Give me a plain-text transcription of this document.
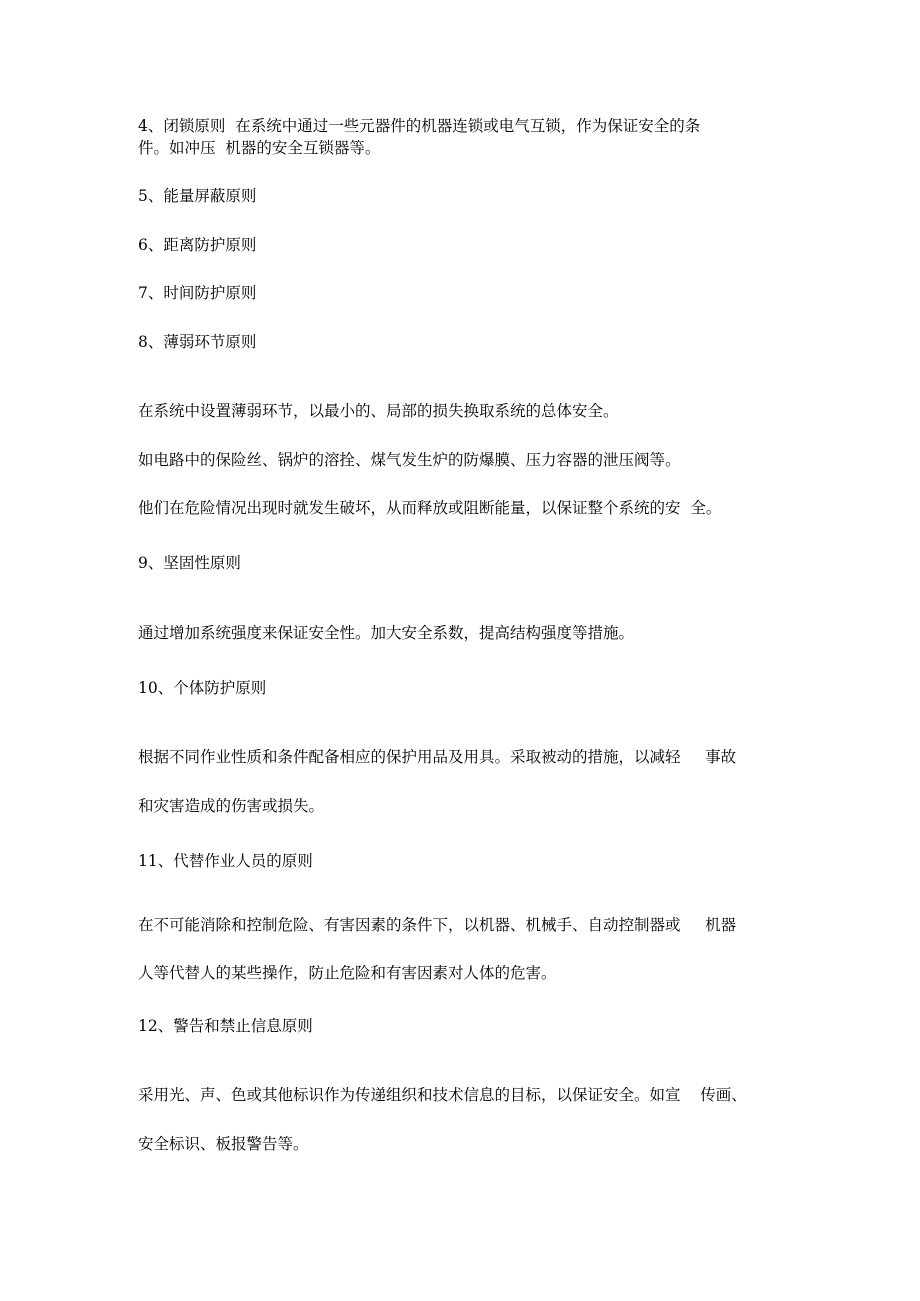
4、闭锁原则  在系统中通过一些元器件的机器连锁或电气互锁，作为保证安全的条

件。如冲压  机器的安全互锁器等。

5、能量屏蔽原则

6、距离防护原则

7、时间防护原则

8、薄弱环节原则

在系统中设置薄弱环节，以最小的、局部的损失换取系统的总体安全。

如电路中的保险丝、锅炉的溶拴、煤气发生炉的防爆膜、压力容器的泄压阀等。

他们在危险情况出现时就发生破坏，从而释放或阻断能量，以保证整个系统的安  全。

9、坚固性原则

通过增加系统强度来保证安全性。加大安全系数，提高结构强度等措施。

10、个体防护原则

根据不同作业性质和条件配备相应的保护用品及用具。采取被动的措施，以减轻     事故

和灾害造成的伤害或损失。

11、代替作业人员的原则

在不可能消除和控制危险、有害因素的条件下，以机器、机械手、自动控制器或     机器

人等代替人的某些操作，防止危险和有害因素对人体的危害。

12、警告和禁止信息原则

采用光、声、色或其他标识作为传递组织和技术信息的目标，以保证安全。如宣    传画、

安全标识、板报警告等。
